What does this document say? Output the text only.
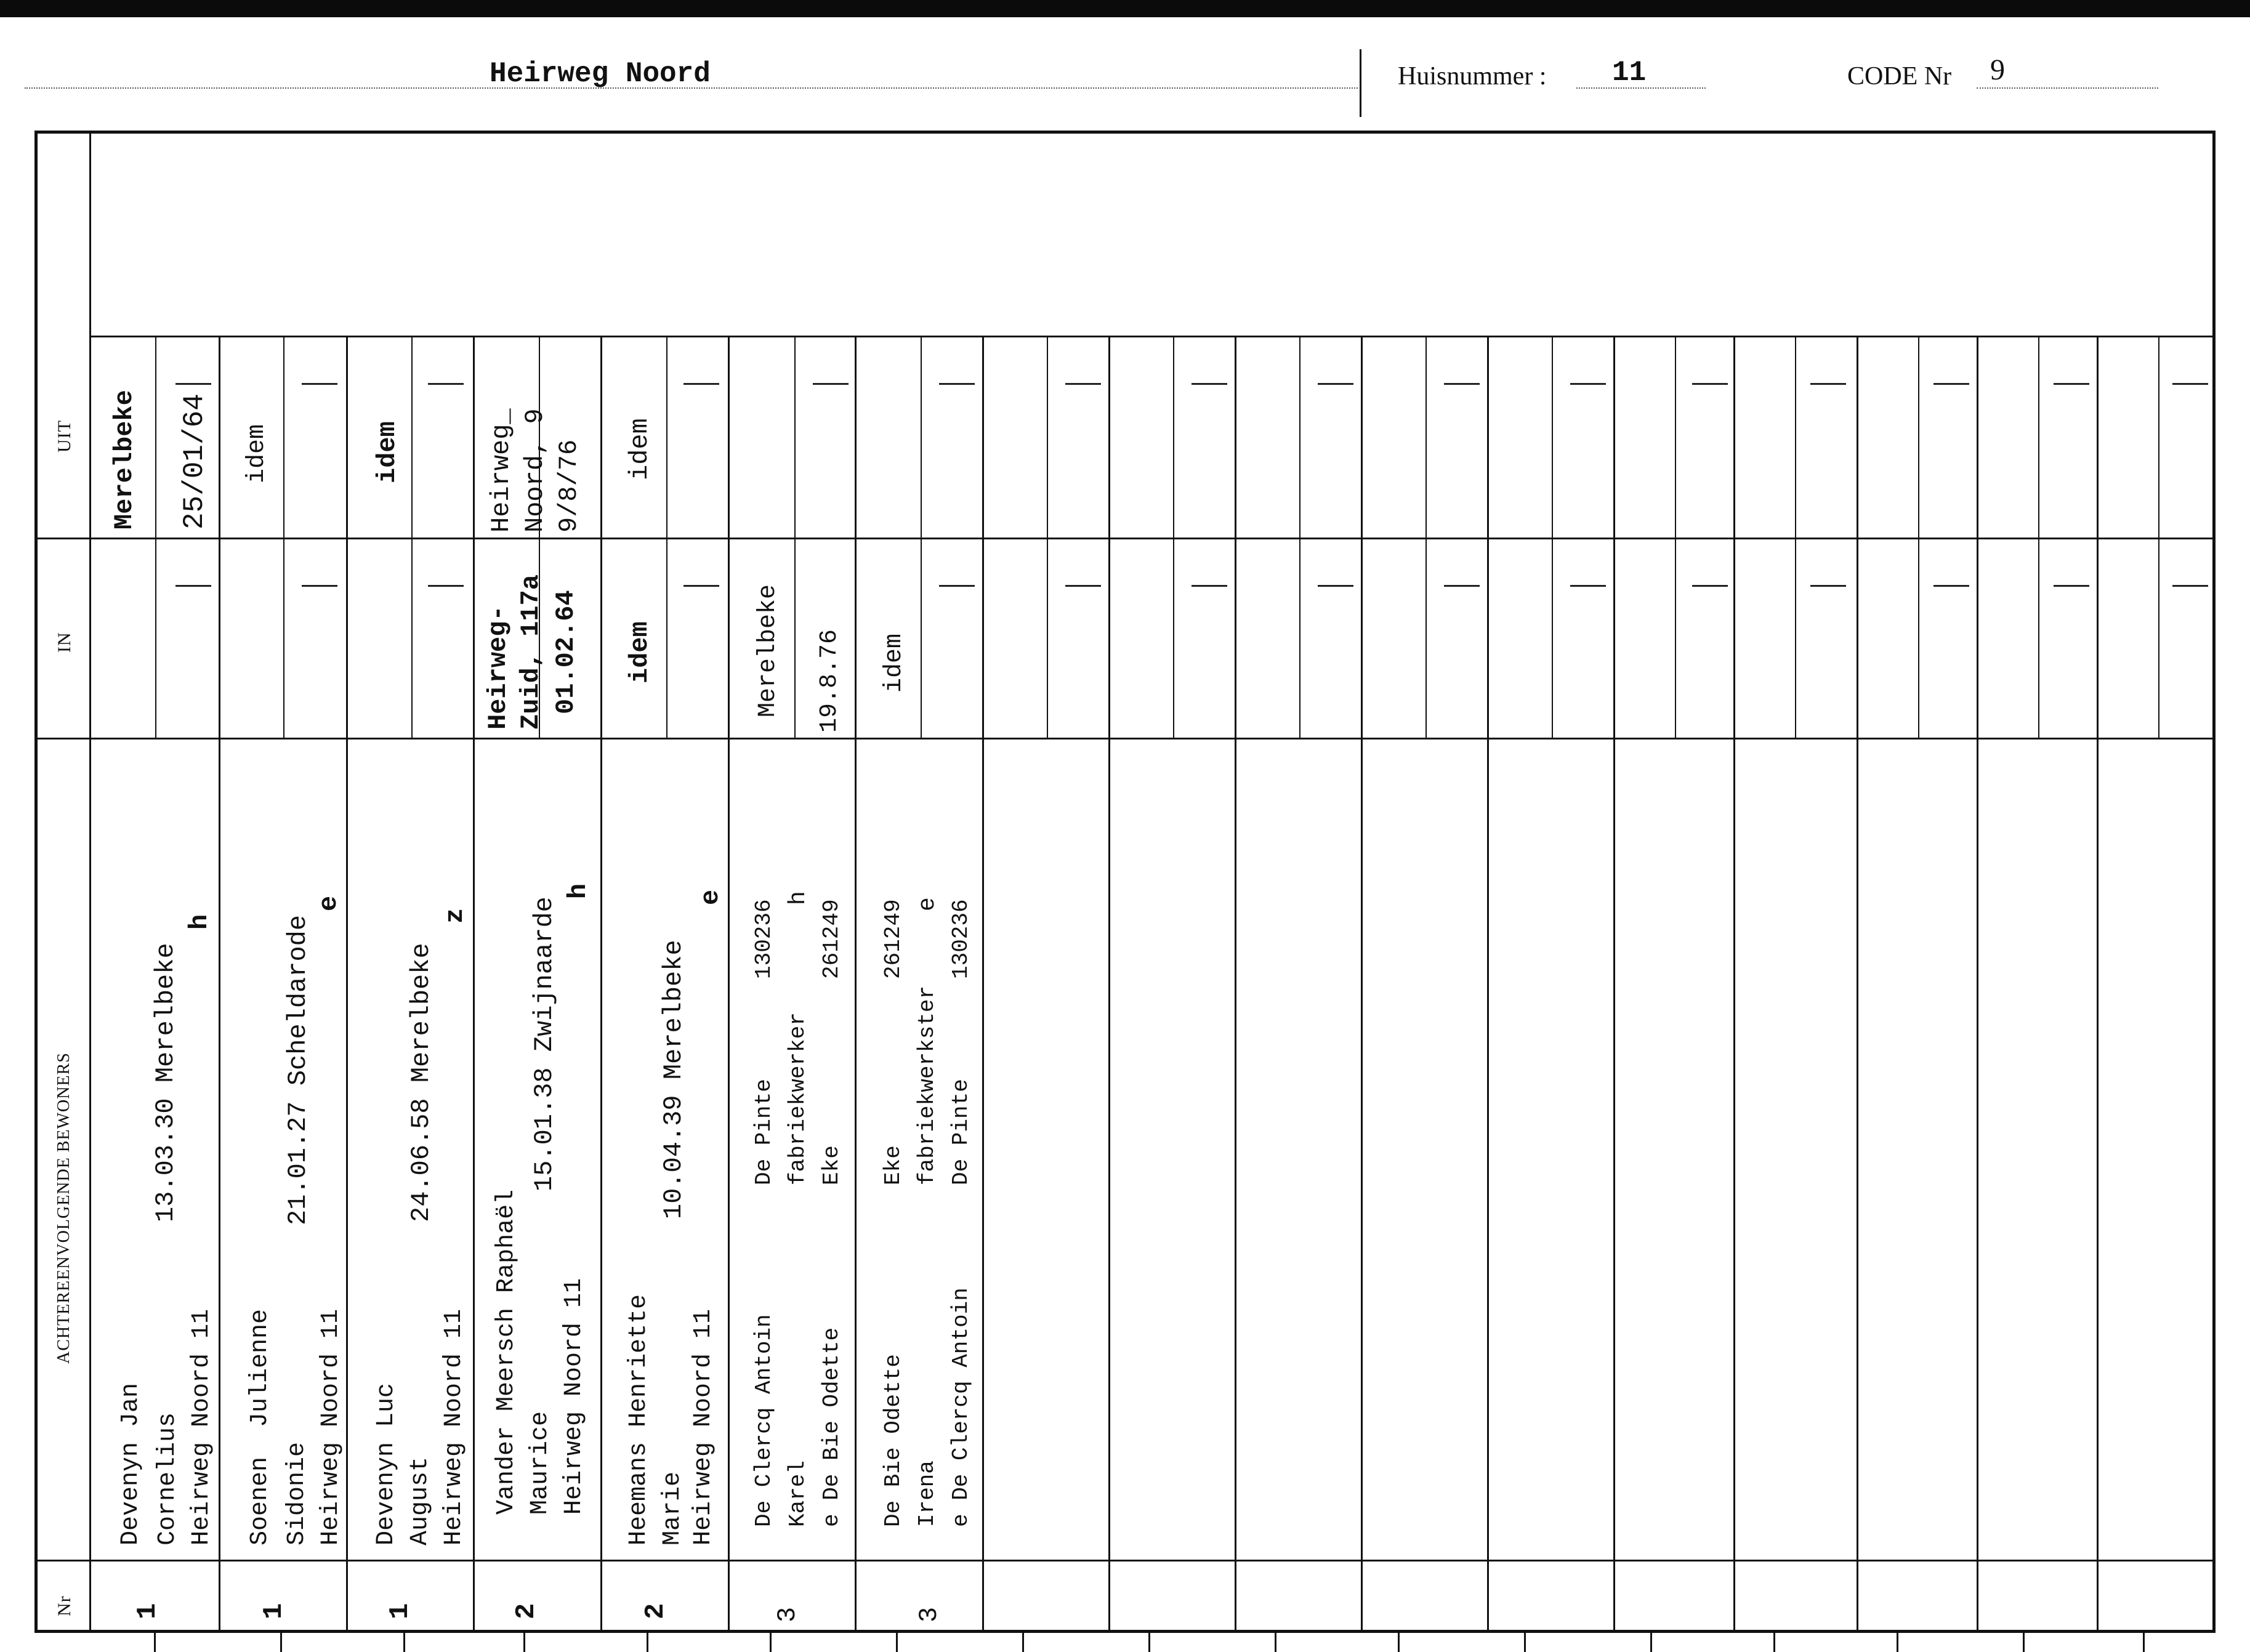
Heirweg Noord	Huisnummer : 11	CODE Nr 9
UIT
IN
ACHTEREENVOLGENDE BEWONERS
Nr 1
Devenyn Jan Cornelius Heirweg Noord 11
13.03.30 Merelbeke
h
Merelbeke 25/01/64
1
Soenen  Julienne Sidonie Heirweg Noord 11
21.01.27 Scheldarode
e
idem
1
Devenyn Luc August Heirweg Noord 11
24.06.58 Merelbeke
z
idem
2
Vander Meersch Raphaël Maurice Heirweg Noord 11
15.01.38 Zwijnaarde
h
Heirweg- Zuid, 117a 01.02.64
Heirweg_ Noord, 9 9/8/76
2
Heemans Henriette Marie Heirweg Noord 11
10.04.39 Merelbeke
e
idem
idem
3
De Clercq Antoin Karel e De Bie Odette
De Pinte fabriekwerker Eke
130236
h
261249
Merelbeke 19.8.76
3
De Bie Odette Irena e De Clercq Antoin
Eke fabriekwerkster De Pinte
261249 e 130236
idem
